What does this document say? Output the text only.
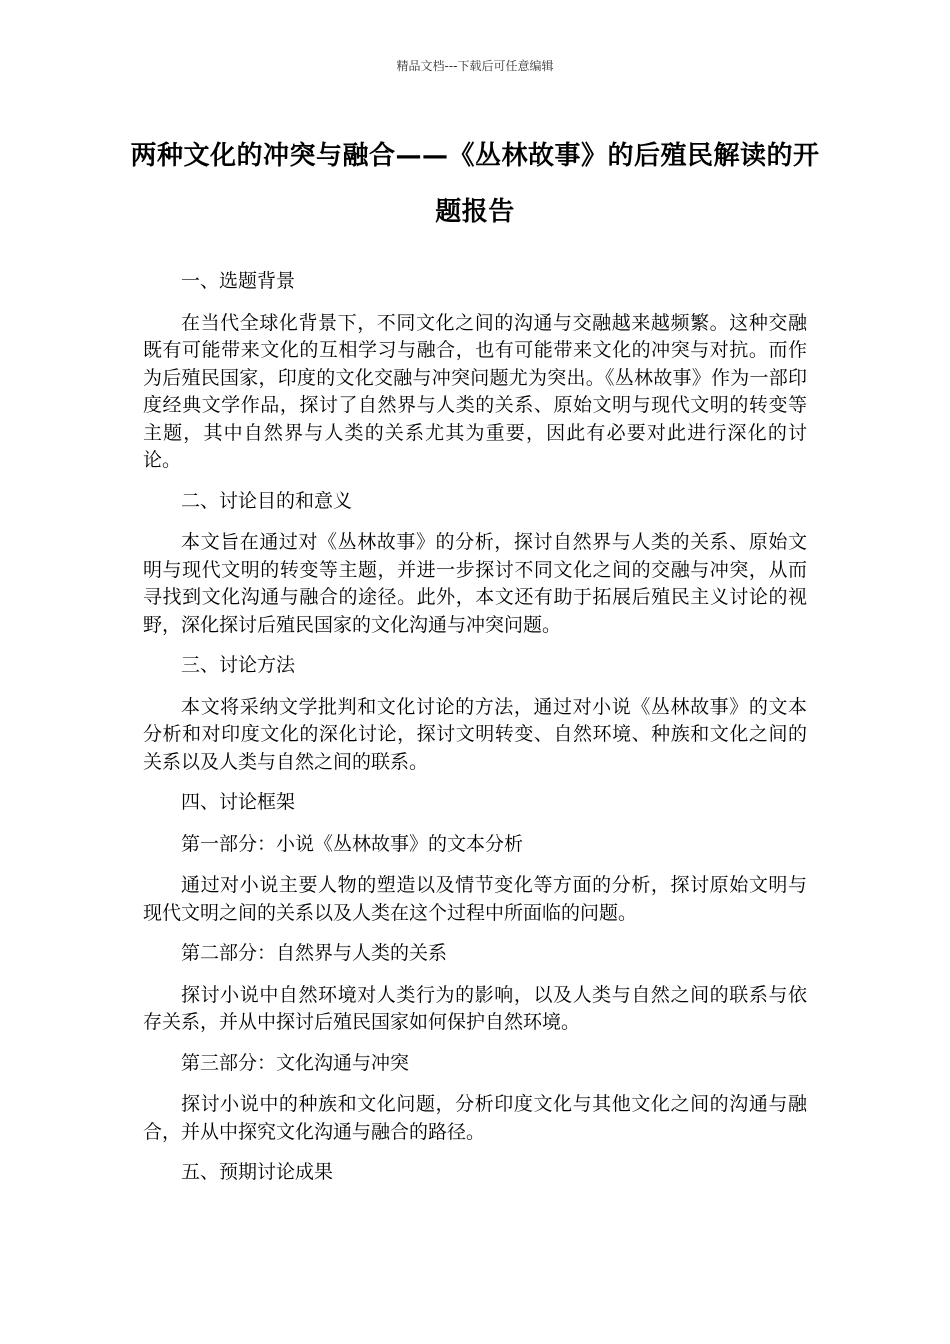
精品文档---下载后可任意编辑
两种文化的冲突与融合——《丛林故事》的后殖民解读的开题报告

一、选题背景

在当代全球化背景下，不同文化之间的沟通与交融越来越频繁。这种交融既有可能带来文化的互相学习与融合，也有可能带来文化的冲突与对抗。而作为后殖民国家，印度的文化交融与冲突问题尤为突出。《丛林故事》作为一部印度经典文学作品，探讨了自然界与人类的关系、原始文明与现代文明的转变等主题，其中自然界与人类的关系尤其为重要，因此有必要对此进行深化的讨论。

二、讨论目的和意义

本文旨在通过对《丛林故事》的分析，探讨自然界与人类的关系、原始文明与现代文明的转变等主题，并进一步探讨不同文化之间的交融与冲突，从而寻找到文化沟通与融合的途径。此外，本文还有助于拓展后殖民主义讨论的视野，深化探讨后殖民国家的文化沟通与冲突问题。

三、讨论方法

本文将采纳文学批判和文化讨论的方法，通过对小说《丛林故事》的文本分析和对印度文化的深化讨论，探讨文明转变、自然环境、种族和文化之间的关系以及人类与自然之间的联系。

四、讨论框架

第一部分：小说《丛林故事》的文本分析

通过对小说主要人物的塑造以及情节变化等方面的分析，探讨原始文明与现代文明之间的关系以及人类在这个过程中所面临的问题。

第二部分：自然界与人类的关系

探讨小说中自然环境对人类行为的影响，以及人类与自然之间的联系与依存关系，并从中探讨后殖民国家如何保护自然环境。

第三部分：文化沟通与冲突

探讨小说中的种族和文化问题，分析印度文化与其他文化之间的沟通与融合，并从中探究文化沟通与融合的路径。

五、预期讨论成果
